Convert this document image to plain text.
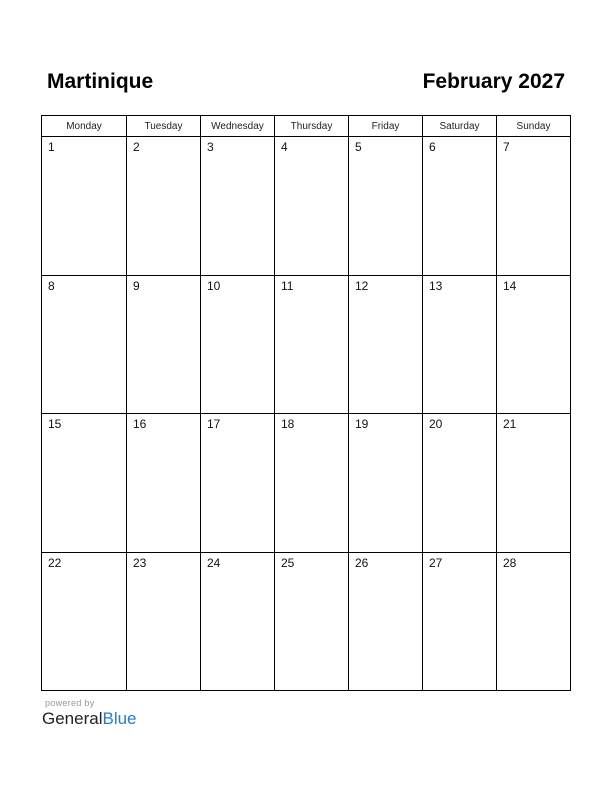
Martinique	February 2027
Monday	Tuesday	Wednesday	Thursday	Friday	Saturday	Sunday
1	2	3	4	5	6	7
8	9	10	11	12	13	14
15	16	17	18	19	20	21
22	23	24	25	26	27	28
powered by
GeneralBlue
